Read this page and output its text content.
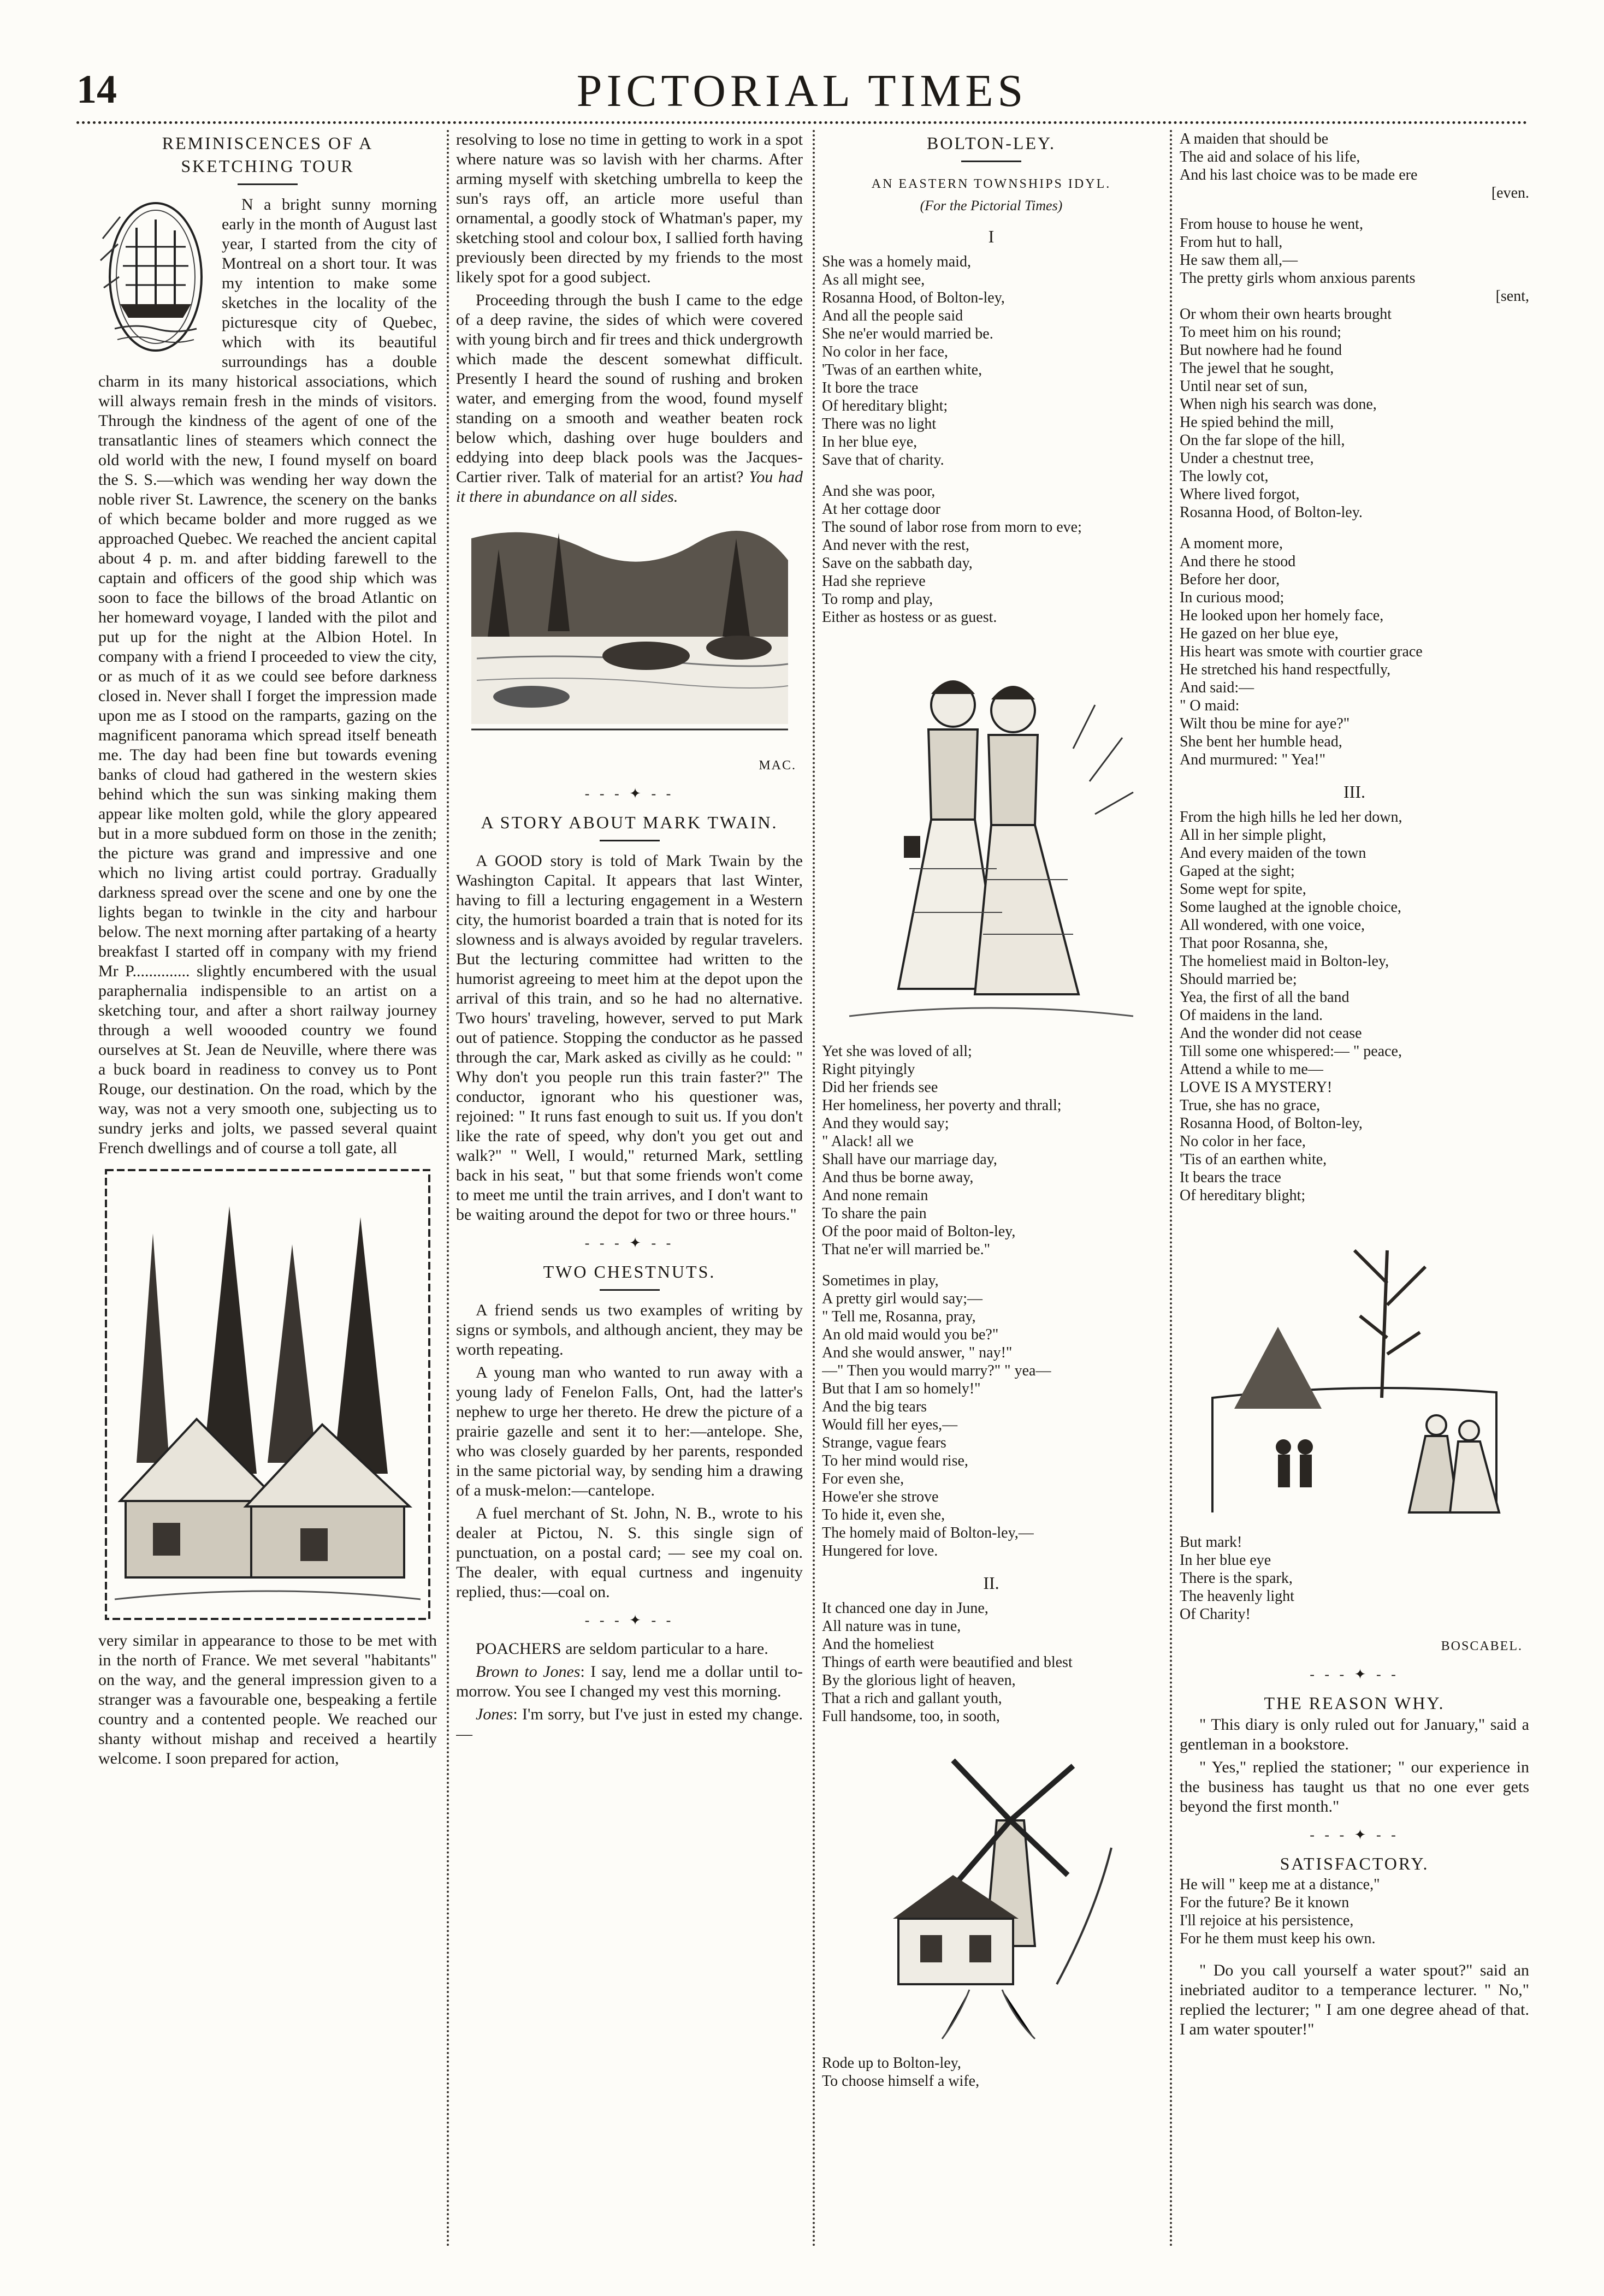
14	PICTORIAL TIMES
REMINISCENCES OF A
SKETCHING TOUR

N a bright sunny morning early in the month of August last year, I started from the city of Montreal on a short tour. It was my intention to make some sketches in the locality of the picturesque city of Quebec, which with its beautiful surroundings has a double charm in its many historical associations, which will always remain fresh in the minds of visitors. Through the kindness of the agent of one of the transatlantic lines of steamers which connect the old world with the new, I found myself on board the S. S.—which was wending her way down the noble river St. Lawrence, the scenery on the banks of which became bolder and more rugged as we approached Quebec. We reached the ancient capital about 4 p. m. and after bidding farewell to the captain and officers of the good ship which was soon to face the billows of the broad Atlantic on her homeward voyage, I landed with the pilot and put up for the night at the Albion Hotel. In company with a friend I proceeded to view the city, or as much of it as we could see before darkness closed in. Never shall I forget the impression made upon me as I stood on the ramparts, gazing on the magnificent panorama which spread itself beneath me. The day had been fine but towards evening banks of cloud had gathered in the western skies behind which the sun was sinking making them appear like molten gold, while the glory appeared but in a more subdued form on those in the zenith; the picture was grand and impressive and one which no living artist could portray. Gradually darkness spread over the scene and one by one the lights began to twinkle in the city and harbour below. The next morning after partaking of a hearty breakfast I started off in company with my friend Mr P.............. slightly encumbered with the usual paraphernalia indispensible to an artist on a sketching tour, and after a short railway journey through a well woooded country we found ourselves at St. Jean de Neuville, where there was a buck board in readiness to convey us to Pont Rouge, our destination. On the road, which by the way, was not a very smooth one, subjecting us to sundry jerks and jolts, we passed several quaint French dwellings and of course a toll gate, all

very similar in appearance to those to be met with in the north of France. We met several "habitants" on the way, and the general impression given to a stranger was a favourable one, bespeaking a fertile country and a contented people. We reached our shanty without mishap and received a heartily welcome. I soon prepared for action,

resolving to lose no time in getting to work in a spot where nature was so lavish with her charms. After arming myself with sketching umbrella to keep the sun's rays off, an article more useful than ornamental, a goodly stock of Whatman's paper, my sketching stool and colour box, I sallied forth having previously been directed by my friends to the most likely spot for a good subject.

Proceeding through the bush I came to the edge of a deep ravine, the sides of which were covered with young birch and fir trees and thick undergrowth which made the descent somewhat difficult. Presently I heard the sound of rushing and broken water, and emerging from the wood, found myself standing on a smooth and weather beaten rock below which, dashing over huge boulders and eddying into deep black pools was the Jacques-Cartier river. Talk of material for an artist? You had it there in abundance on all sides.

MAC.
- - - ✦ - -
A STORY ABOUT MARK TWAIN.

A GOOD story is told of Mark Twain by the Washington Capital. It appears that last Winter, having to fill a lecturing engagement in a Western city, the humorist boarded a train that is noted for its slowness and is always avoided by regular travelers. But the lecturing committee had written to the humorist agreeing to meet him at the depot upon the arrival of this train, and so he had no alternative. Two hours' traveling, however, served to put Mark out of patience. Stopping the conductor as he passed through the car, Mark asked as civilly as he could: " Why don't you people run this train faster?" The conductor, ignorant who his questioner was, rejoined: " It runs fast enough to suit us. If you don't like the rate of speed, why don't you get out and walk?" " Well, I would," returned Mark, settling back in his seat, " but that some friends won't come to meet me until the train arrives, and I don't want to be waiting around the depot for two or three hours."

- - - ✦ - -
TWO CHESTNUTS.

A friend sends us two examples of writing by signs or symbols, and although ancient, they may be worth repeating.

A young man who wanted to run away with a young lady of Fenelon Falls, Ont, had the latter's nephew to urge her thereto. He drew the picture of a prairie gazelle and sent it to her:—antelope. She, who was closely guarded by her parents, responded in the same pictorial way, by sending him a drawing of a musk-melon:—cantelope.

A fuel merchant of St. John, N. B., wrote to his dealer at Pictou, N. S. this single sign of punctuation, on a postal card; — see my coal on. The dealer, with equal curtness and ingenuity replied, thus:—coal on.

- - - ✦ - -

POACHERS are seldom particular to a hare.

Brown to Jones: I say, lend me a dollar until to-morrow. You see I changed my vest this morning.

Jones: I'm sorry, but I've just in ested my change.—

BOLTON-LEY.
AN EASTERN TOWNSHIPS IDYL.
(For the Pictorial Times)
I
She was a homely maid,
As all might see,
Rosanna Hood, of Bolton-ley,
And all the people said
She ne'er would married be.
No color in her face,
'Twas of an earthen white,
It bore the trace
Of hereditary blight;
There was no light
In her blue eye,
Save that of charity.
And she was poor,
At her cottage door
The sound of labor rose from morn to eve;
And never with the rest,
Save on the sabbath day,
Had she reprieve
To romp and play,
Either as hostess or as guest.
Yet she was loved of all;
Right pityingly
Did her friends see
Her homeliness, her poverty and thrall;
And they would say;
" Alack! all we
Shall have our marriage day,
And thus be borne away,
And none remain
To share the pain
Of the poor maid of Bolton-ley,
That ne'er will married be."
Sometimes in play,
A pretty girl would say;—
" Tell me, Rosanna, pray,
An old maid would you be?"
And she would answer, " nay!"
—" Then you would marry?" " yea—
But that I am so homely!"
And the big tears
Would fill her eyes,—
Strange, vague fears
To her mind would rise,
For even she,
Howe'er she strove
To hide it, even she,
The homely maid of Bolton-ley,—
Hungered for love.
II.
It chanced one day in June,
All nature was in tune,
And the homeliest
Things of earth were beautified and blest
By the glorious light of heaven,
That a rich and gallant youth,
Full handsome, too, in sooth,
Rode up to Bolton-ley,
To choose himself a wife,
A maiden that should be
The aid and solace of his life,
And his last choice was to be made ere
[even.
From house to house he went,
From hut to hall,
He saw them all,—
The pretty girls whom anxious parents
[sent,
Or whom their own hearts brought
To meet him on his round;
But nowhere had he found
The jewel that he sought,
Until near set of sun,
When nigh his search was done,
He spied behind the mill,
On the far slope of the hill,
Under a chestnut tree,
The lowly cot,
Where lived forgot,
Rosanna Hood, of Bolton-ley.
A moment more,
And there he stood
Before her door,
In curious mood;
He looked upon her homely face,
He gazed on her blue eye,
His heart was smote with courtier grace
He stretched his hand respectfully,
And said:—
" O maid:
Wilt thou be mine for aye?"
She bent her humble head,
And murmured: " Yea!"
III.
From the high hills he led her down,
All in her simple plight,
And every maiden of the town
Gaped at the sight;
Some wept for spite,
Some laughed at the ignoble choice,
All wondered, with one voice,
That poor Rosanna, she,
The homeliest maid in Bolton-ley,
Should married be;
Yea, the first of all the band
Of maidens in the land.
And the wonder did not cease
Till some one whispered:— " peace,
Attend a while to me—
LOVE IS A MYSTERY!
True, she has no grace,
Rosanna Hood, of Bolton-ley,
No color in her face,
'Tis of an earthen white,
It bears the trace
Of hereditary blight;
But mark!
In her blue eye
There is the spark,
The heavenly light
Of Charity!
BOSCABEL.
- - - ✦ - -
THE REASON WHY.

" This diary is only ruled out for January," said a gentleman in a bookstore.

" Yes," replied the stationer; " our experience in the business has taught us that no one ever gets beyond the first month."

- - - ✦ - -
SATISFACTORY.
He will " keep me at a distance,"
For the future? Be it known
I'll rejoice at his persistence,
For he them must keep his own.

" Do you call yourself a water spout?" said an inebriated auditor to a temperance lecturer. " No," replied the lecturer; " I am one degree ahead of that. I am water spouter!"
